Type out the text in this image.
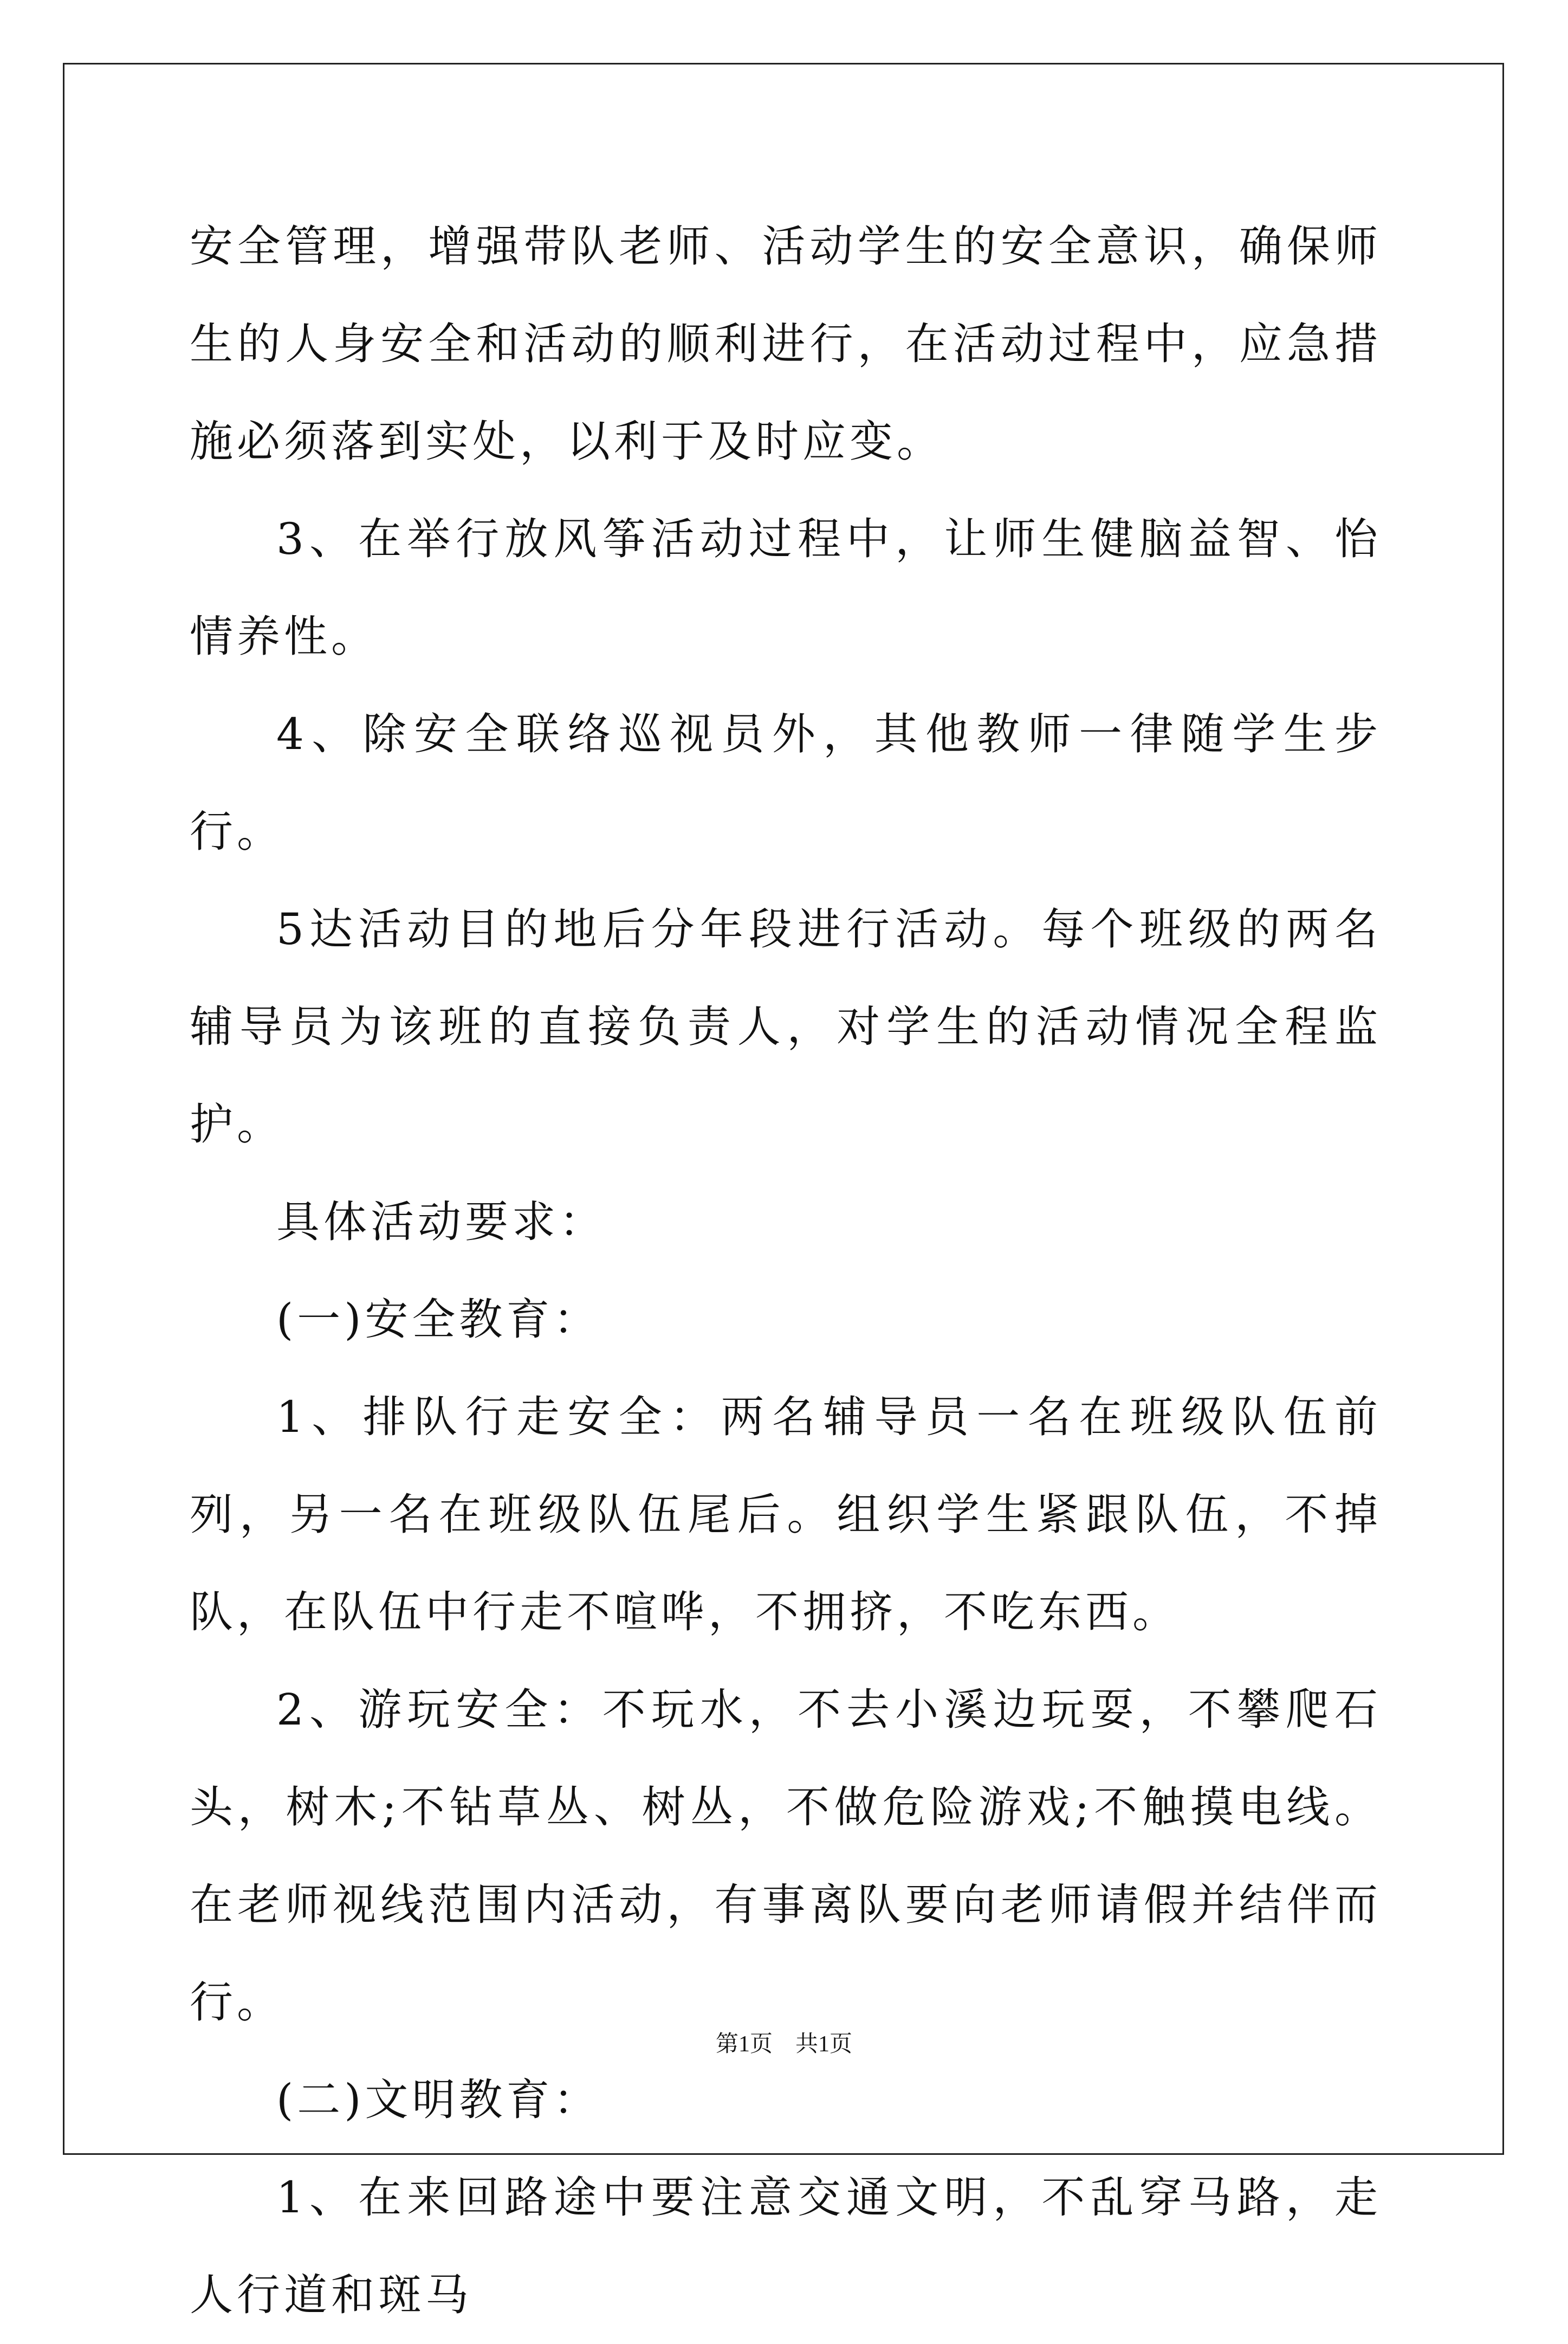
安全管理，增强带队老师、活动学生的安全意识，确保师生的人身安全和活动的顺利进行，在活动过程中，应急措施必须落到实处，以利于及时应变。

3、在举行放风筝活动过程中，让师生健脑益智、怡情养性。

4、除安全联络巡视员外，其他教师一律随学生步行。

5达活动目的地后分年段进行活动。每个班级的两名辅导员为该班的直接负责人，对学生的活动情况全程监护。

具体活动要求：

(一)安全教育：

1、排队行走安全：两名辅导员一名在班级队伍前列，另一名在班级队伍尾后。组织学生紧跟队伍，不掉队，在队伍中行走不喧哗，不拥挤，不吃东西。

2、游玩安全：不玩水，不去小溪边玩耍，不攀爬石头，树木;不钻草丛、树丛，不做危险游戏;不触摸电线。在老师视线范围内活动，有事离队要向老师请假并结伴而行。

(二)文明教育：

1、在来回路途中要注意交通文明，不乱穿马路，走人行道和斑马

第1页　共1页
